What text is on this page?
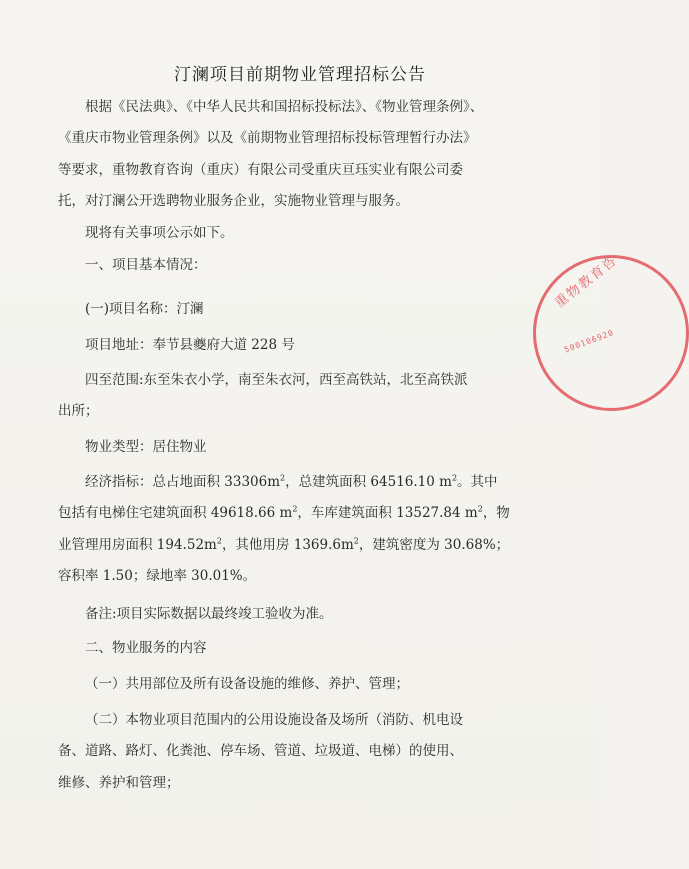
汀澜项目前期物业管理招标公告
根据《民法典》、《中华人民共和国招标投标法》、《物业管理条例》、
《重庆市物业管理条例》以及《前期物业管理招标投标管理暂行办法》
等要求，重物教育咨询（重庆）有限公司受重庆亘珏实业有限公司委
托，对汀澜公开选聘物业服务企业，实施物业管理与服务。
现将有关事项公示如下。
一、项目基本情况：
(一)项目名称：汀澜
项目地址：奉节县夔府大道 228 号
四至范围:东至朱衣小学，南至朱衣河，西至高铁站，北至高铁派
出所；
物业类型：居住物业
经济指标：总占地面积 $33306m^2$，总建筑面积 64516.10 $m^2$。其中
包括有电梯住宅建筑面积 49618.66 $m^2$，车库建筑面积 13527.84 $m^2$，物
业管理用房面积 $194.52m^2$，其他用房 $1369.6m^2$，建筑密度为 30.68%；
容积率 1.50；绿地率 30.01%。
备注:项目实际数据以最终竣工验收为准。
二、物业服务的内容
（一）共用部位及所有设备设施的维修、养护、管理；
（二）本物业项目范围内的公用设施设备及场所（消防、机电设
备、道路、路灯、化粪池、停车场、管道、垃圾道、电梯）的使用、
维修、养护和管理；
重物教育咨
500106920
